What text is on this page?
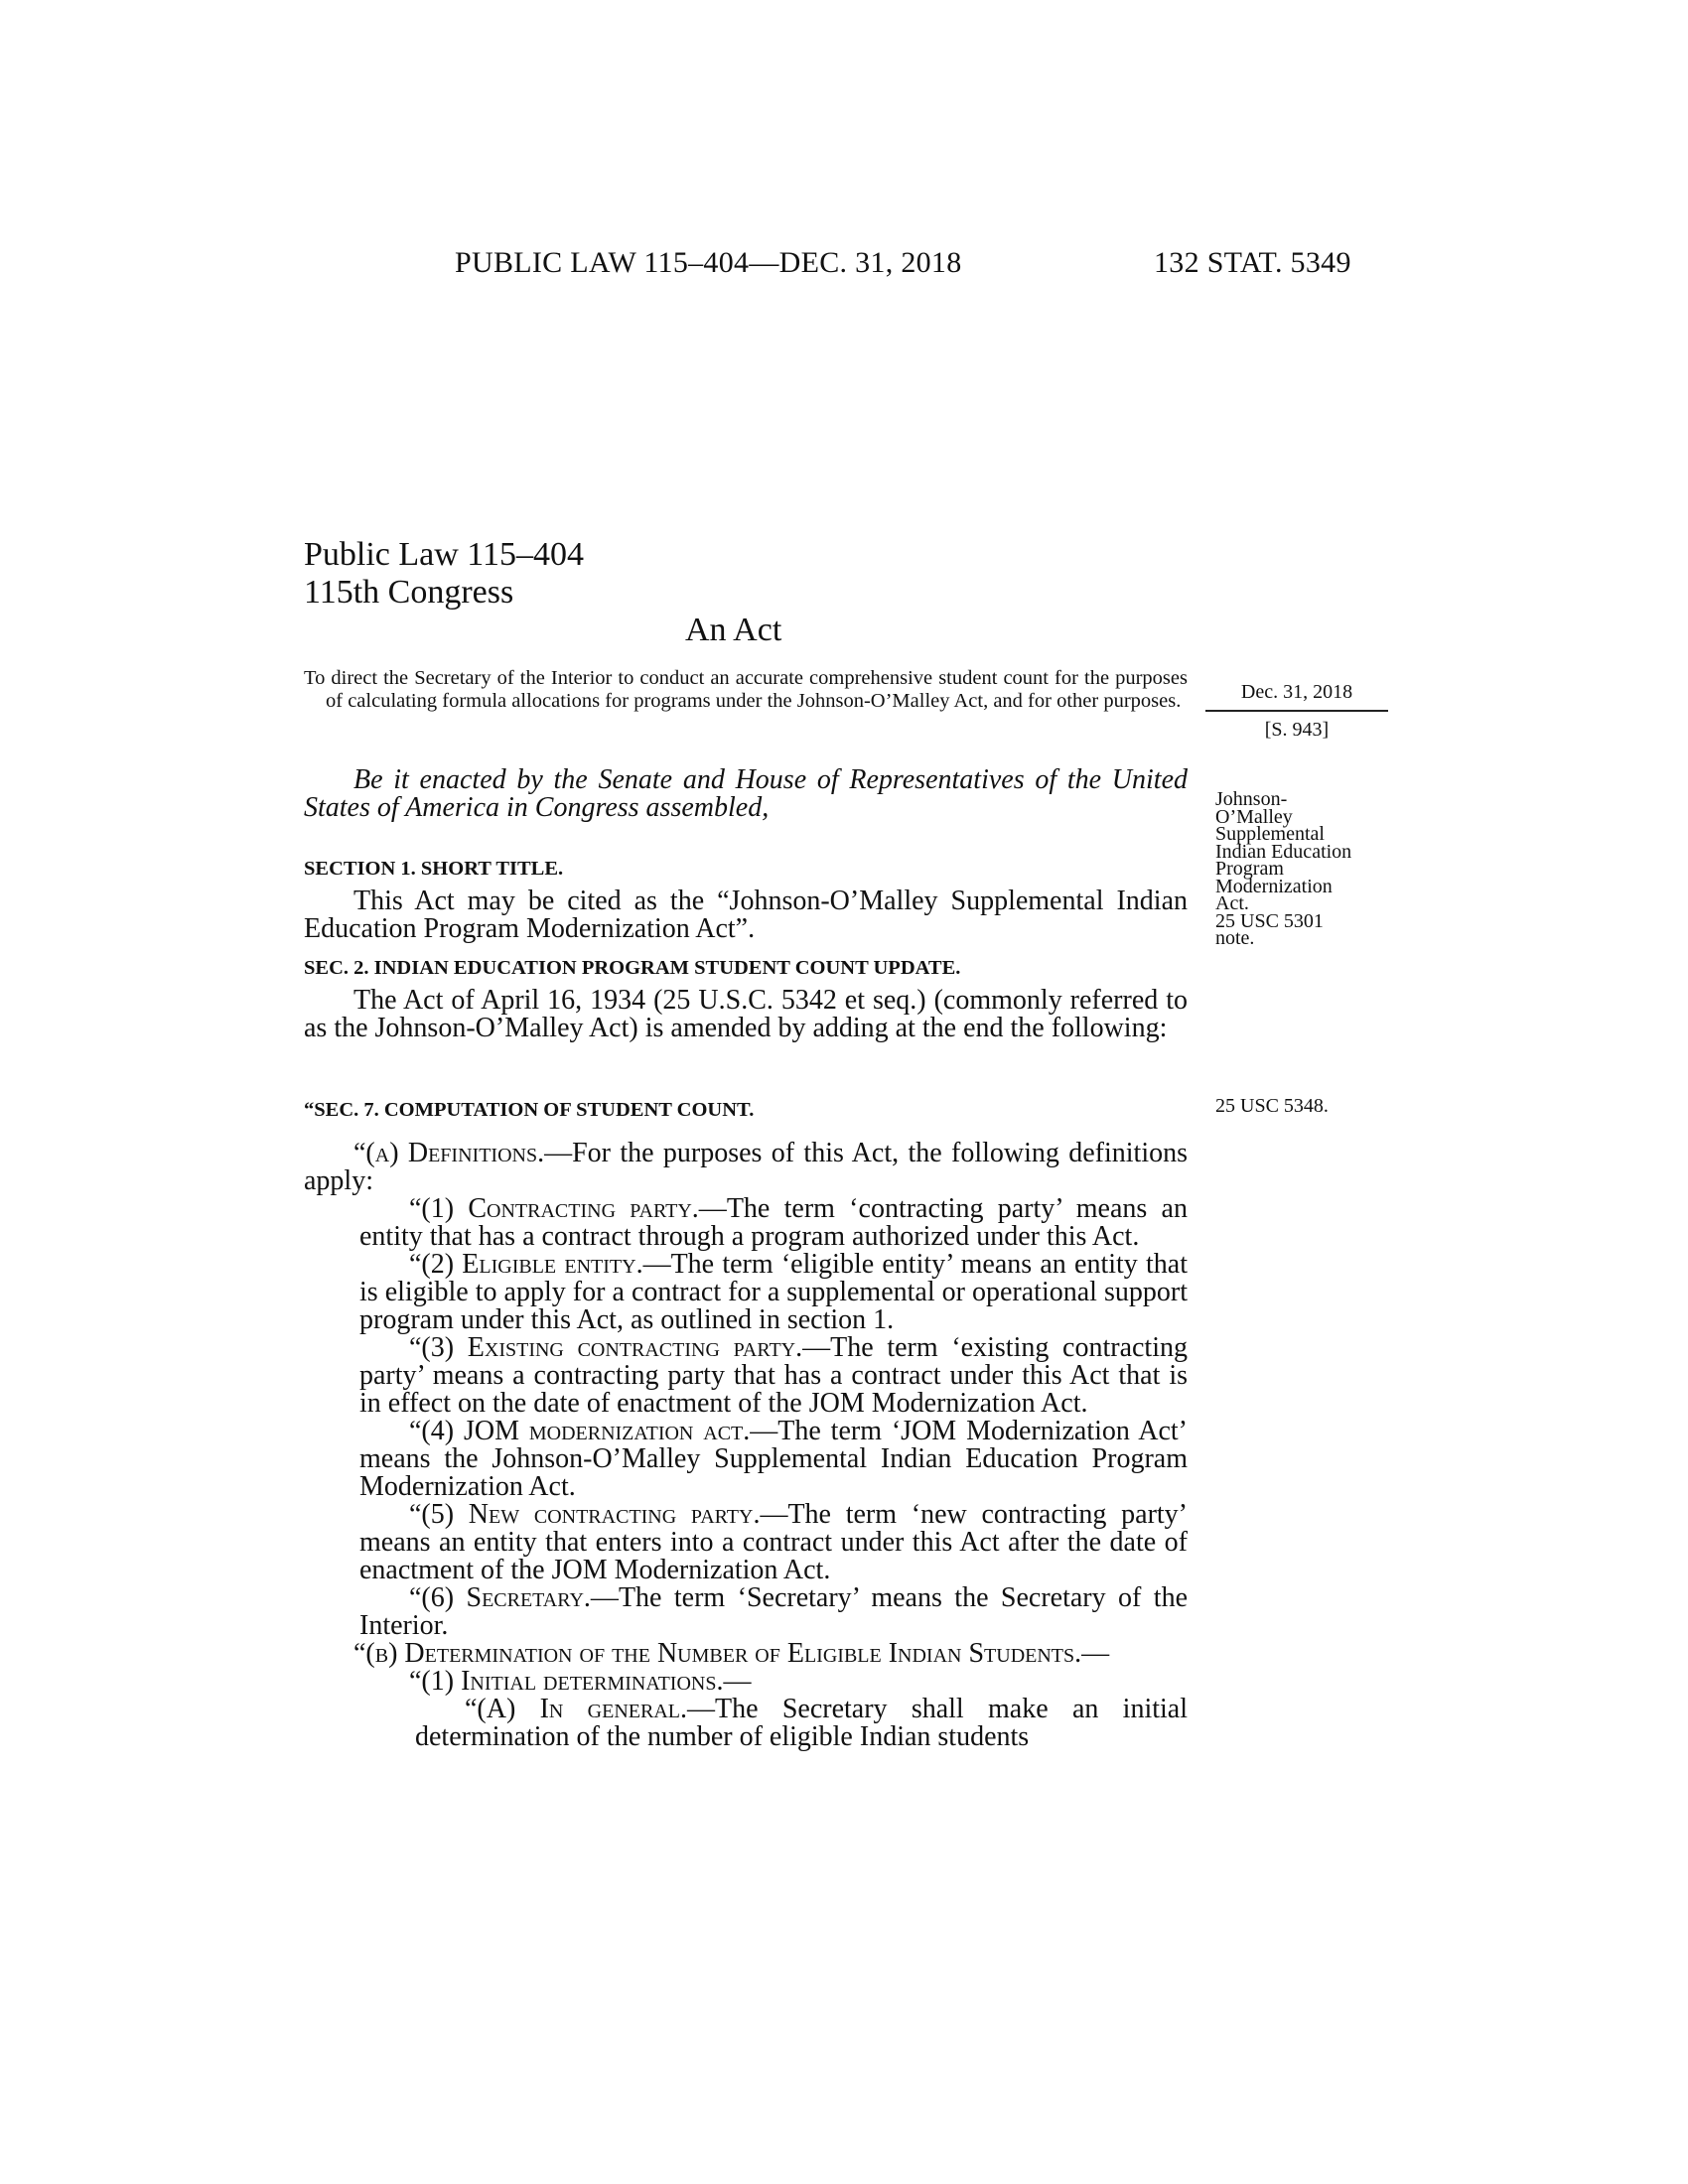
PUBLIC LAW 115–404—DEC. 31, 2018	132 STAT. 5349
Public Law 115–404
115th Congress
An Act
To direct the Secretary of the Interior to conduct an accurate comprehensive student count for the purposes of calculating formula allocations for programs under the Johnson-O’Malley Act, and for other purposes.	Dec. 31, 2018
[S. 943]
Be it enacted by the Senate and House of Representatives of the United States of America in Congress assembled,	Johnson-
O’Malley
Supplemental
Indian Education
Program
Modernization
Act.
25 USC 5301
note.
25 USC 5348.
SECTION 1. SHORT TITLE.
This Act may be cited as the “Johnson-O’Malley Supplemental Indian Education Program Modernization Act”.
SEC. 2. INDIAN EDUCATION PROGRAM STUDENT COUNT UPDATE.
The Act of April 16, 1934 (25 U.S.C. 5342 et seq.) (commonly referred to as the Johnson-O’Malley Act) is amended by adding at the end the following:
“SEC. 7. COMPUTATION OF STUDENT COUNT.

“(a) Definitions.—For the purposes of this Act, the following definitions apply:

“(1) Contracting party.—The term ‘contracting party’ means an entity that has a contract through a program authorized under this Act.

“(2) Eligible entity.—The term ‘eligible entity’ means an entity that is eligible to apply for a contract for a supplemental or operational support program under this Act, as outlined in section 1.

“(3) Existing contracting party.—The term ‘existing contracting party’ means a contracting party that has a contract under this Act that is in effect on the date of enactment of the JOM Modernization Act.

“(4) JOM modernization act.—The term ‘JOM Modernization Act’ means the Johnson-O’Malley Supplemental Indian Education Program Modernization Act.

“(5) New contracting party.—The term ‘new contracting party’ means an entity that enters into a contract under this Act after the date of enactment of the JOM Modernization Act.

“(6) Secretary.—The term ‘Secretary’ means the Secretary of the Interior.

“(b) Determination of the Number of Eligible Indian Students.—

“(1) Initial determinations.—

“(A) In general.—The Secretary shall make an initial determination of the number of eligible Indian students
